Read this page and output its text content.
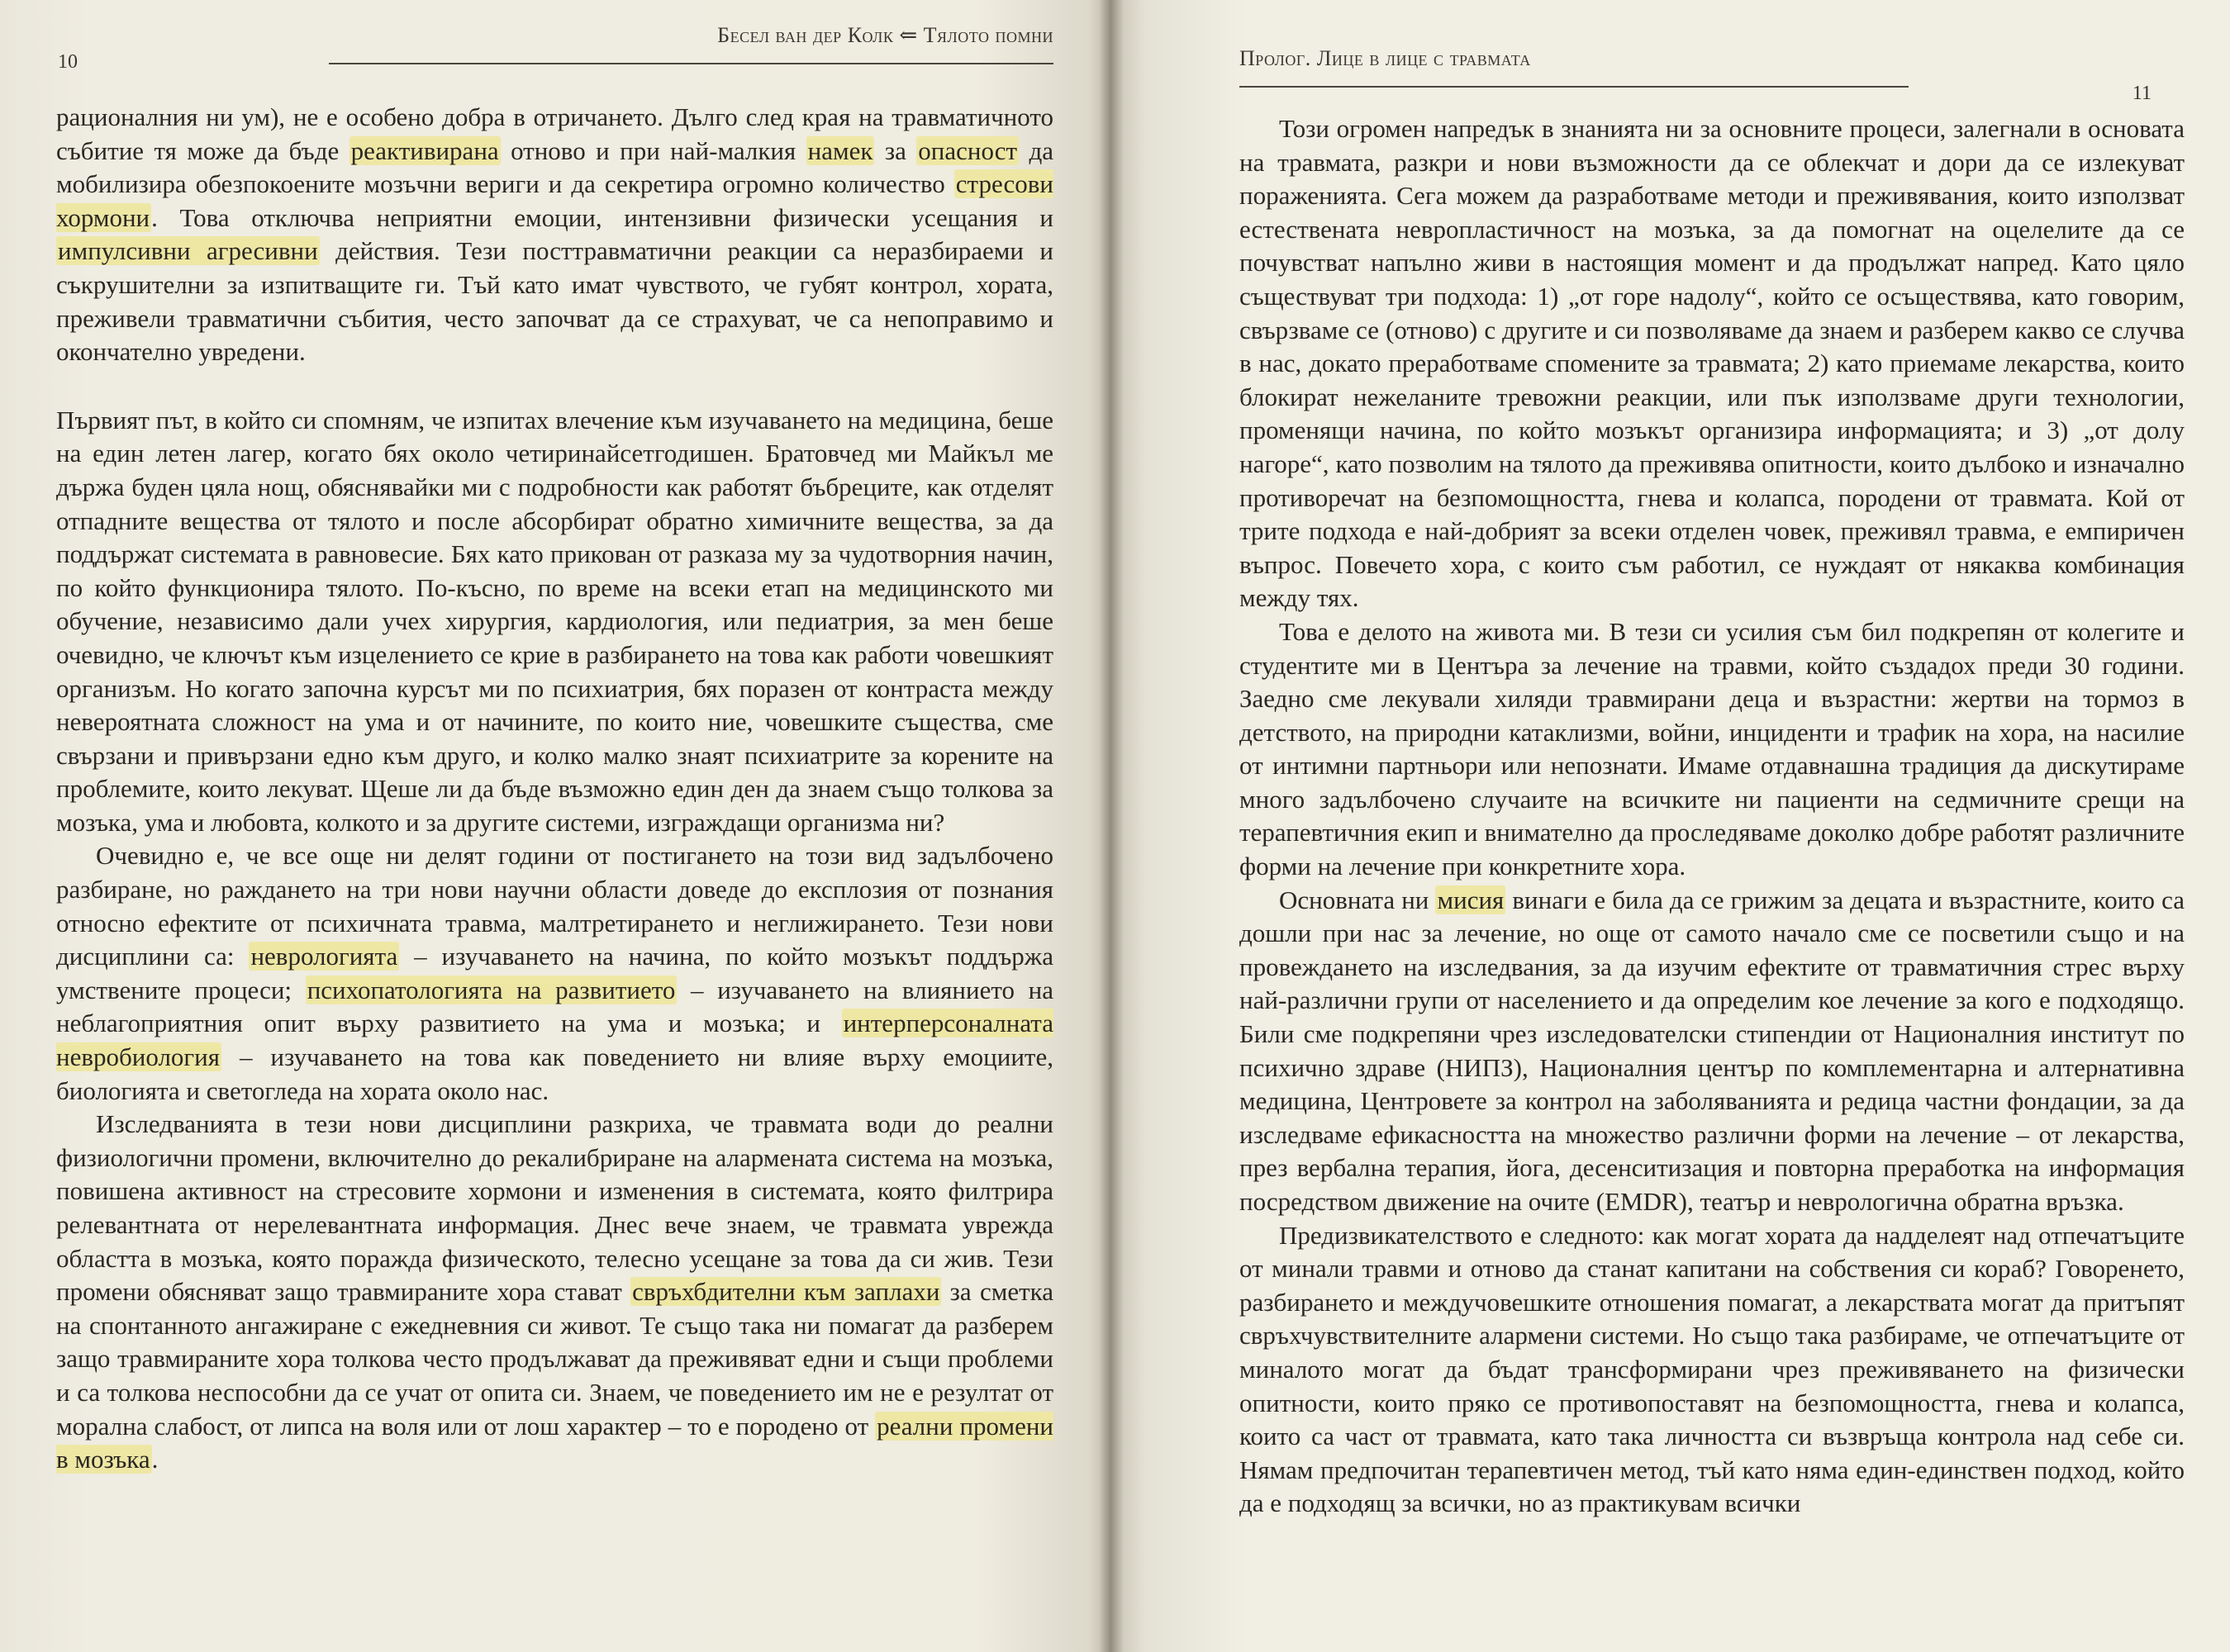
10
Бесел ван дер Колк ⇐ Тялото помни

рационалния ни ум), не е особено добра в отричането. Дълго след края на травматичното събитие тя може да бъде реактивирана отново и при най-малкия намек за опасност да мобилизира обезпокоените мозъчни вериги и да секретира огромно количество стресови хормони. Това отключва неприятни емоции, интензивни физически усещания и импулсивни агресивни действия. Тези посттравматични реакции са неразбираеми и съкрушителни за изпитващите ги. Тъй като имат чувството, че губят контрол, хората, преживели травматични събития, често започват да се страхуват, че са непоправимо и окончателно увредени.

Първият път, в който си спомням, че изпитах влечение към изучаването на медицина, беше на един летен лагер, когато бях около четиринайсетгодишен. Братовчед ми Майкъл ме държа буден цяла нощ, обяснявайки ми с подробности как работят бъбреците, как отделят отпадните вещества от тялото и после абсорбират обратно химичните вещества, за да поддържат системата в равновесие. Бях като прикован от разказа му за чудотворния начин, по който функционира тялото. По-късно, по време на всеки етап на медицинското ми обучение, независимо дали учех хирургия, кардиология, или педиатрия, за мен беше очевидно, че ключът към изцелението се крие в разбирането на това как работи човешкият организъм. Но когато започна курсът ми по психиатрия, бях поразен от контраста между невероятната сложност на ума и от начините, по които ние, човешките същества, сме свързани и привързани едно към друго, и колко малко знаят психиатрите за корените на проблемите, които лекуват. Щеше ли да бъде възможно един ден да знаем също толкова за мозъка, ума и любовта, колкото и за другите системи, изграждащи организма ни?

Очевидно е, че все още ни делят години от постигането на този вид задълбочено разбиране, но раждането на три нови научни области доведе до експлозия от познания относно ефектите от психичната травма, малтретирането и неглижирането. Тези нови дисциплини са: неврологията – изучаването на начина, по който мозъкът поддържа умствените процеси; психопатологията на развитието – изучаването на влиянието на неблагоприятния опит върху развитието на ума и мозъка; и интерперсоналната невробиология – изучаването на това как поведението ни влияе върху емоциите, биологията и светогледа на хората около нас.

Изследванията в тези нови дисциплини разкриха, че травмата води до реални физиологични промени, включително до рекалибриране на алармената система на мозъка, повишена активност на стресовите хормони и изменения в системата, която филтрира релевантната от нерелевантната информация. Днес вече знаем, че травмата уврежда областта в мозъка, която поражда физическото, телесно усещане за това да си жив. Тези промени обясняват защо травмираните хора стават свръхбдителни към заплахи за сметка на спонтанното ангажиране с ежедневния си живот. Те също така ни помагат да разберем защо травмираните хора толкова често продължават да преживяват едни и същи проблеми и са толкова неспособни да се учат от опита си. Знаем, че поведението им не е резултат от морална слабост, от липса на воля или от лош характер – то е породено от реални промени в мозъка.

Пролог. Лице в лице с травмата
11

Този огромен напредък в знанията ни за основните процеси, залегнали в основата на травмата, разкри и нови възможности да се облекчат и дори да се излекуват пораженията. Сега можем да разработваме методи и преживявания, които използват естествената невропластичност на мозъка, за да помогнат на оцелелите да се почувстват напълно живи в настоящия момент и да продължат напред. Като цяло съществуват три подхода: 1) „от горе надолу“, който се осъществява, като говорим, свързваме се (отново) с другите и си позволяваме да знаем и разберем какво се случва в нас, докато преработваме спомените за травмата; 2) като приемаме лекарства, които блокират нежеланите тревожни реакции, или пък използваме други технологии, променящи начина, по който мозъкът организира информацията; и 3) „от долу нагоре“, като позволим на тялото да преживява опитности, които дълбоко и изначално противоречат на безпомощността, гнева и колапса, породени от травмата. Кой от трите подхода е най-добрият за всеки отделен човек, преживял травма, е емпиричен въпрос. Повечето хора, с които съм работил, се нуждаят от някаква комбинация между тях.

Това е делото на живота ми. В тези си усилия съм бил подкрепян от колегите и студентите ми в Центъра за лечение на травми, който създадох преди 30 години. Заедно сме лекували хиляди травмирани деца и възрастни: жертви на тормоз в детството, на природни катаклизми, войни, инциденти и трафик на хора, на насилие от интимни партньори или непознати. Имаме отдавнашна традиция да дискутираме много задълбочено случаите на всичките ни пациенти на седмичните срещи на терапевтичния екип и внимателно да проследяваме доколко добре работят различните форми на лечение при конкретните хора.

Основната ни мисия винаги е била да се грижим за децата и възрастните, които са дошли при нас за лечение, но още от самото начало сме се посветили също и на провеждането на изследвания, за да изучим ефектите от травматичния стрес върху най-различни групи от населението и да определим кое лечение за кого е подходящо. Били сме подкрепяни чрез изследователски стипендии от Националния институт по психично здраве (НИПЗ), Националния център по комплементарна и алтернативна медицина, Центровете за контрол на заболяванията и редица частни фондации, за да изследваме ефикасността на множество различни форми на лечение – от лекарства, през вербална терапия, йога, десенситизация и повторна преработка на информация посредством движение на очите (EMDR), театър и неврологична обратна връзка.

Предизвикателството е следното: как могат хората да надделеят над отпечатъците от минали травми и отново да станат капитани на собствения си кораб? Говоренето, разбирането и междучовешките отношения помагат, а лекарствата могат да притъпят свръхчувствителните алармени системи. Но също така разбираме, че отпечатъците от миналото могат да бъдат трансформирани чрез преживяването на физически опитности, които пряко се противопоставят на безпомощността, гнева и колапса, които са част от травмата, като така личността си възвръща контрола над себе си. Нямам предпочитан терапевтичен метод, тъй като няма един-единствен подход, който да е подходящ за всички, но аз практикувам всички
